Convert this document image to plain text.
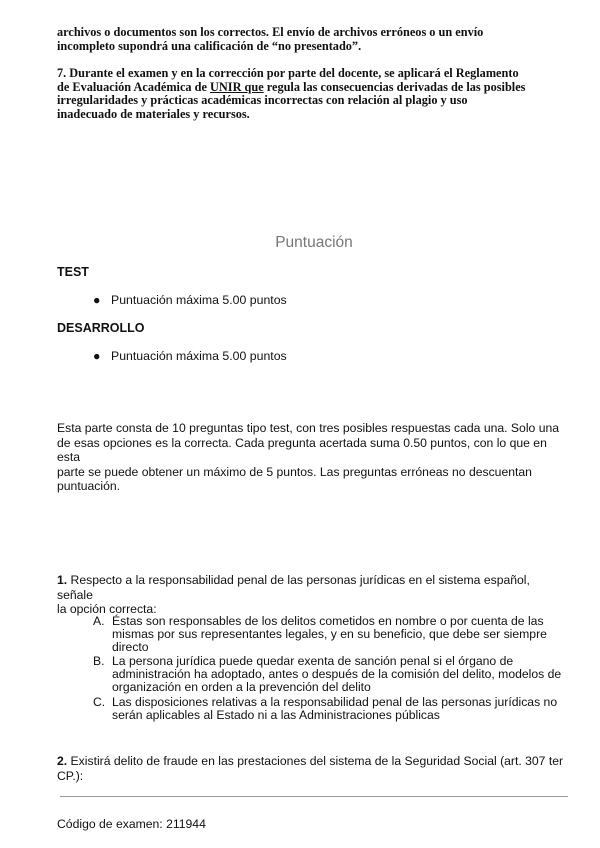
archivos o documentos son los correctos. El envío de archivos erróneos o un envío
incompleto supondrá una calificación de “no presentado”.

7. Durante el examen y en la corrección por parte del docente, se aplicará el Reglamento
de Evaluación Académica de UNIR que regula las consecuencias derivadas de las posibles
irregularidades y prácticas académicas incorrectas con relación al plagio y uso
inadecuado de materiales y recursos.

Puntuación
TEST
● Puntuación máxima 5.00 puntos
DESARROLLO
● Puntuación máxima 5.00 puntos
Esta parte consta de 10 preguntas tipo test, con tres posibles respuestas cada una. Solo una
de esas opciones es la correcta. Cada pregunta acertada suma 0.50 puntos, con lo que en esta
parte se puede obtener un máximo de 5 puntos. Las preguntas erróneas no descuentan
puntuación.
1. Respecto a la responsabilidad penal de las personas jurídicas en el sistema español, señale
la opción correcta:
A. Éstas son responsables de los delitos cometidos en nombre o por cuenta de las
mismas por sus representantes legales, y en su beneficio, que debe ser siempre
directo
B. La persona jurídica puede quedar exenta de sanción penal si el órgano de
administración ha adoptado, antes o después de la comisión del delito, modelos de
organización en orden a la prevención del delito
C. Las disposiciones relativas a la responsabilidad penal de las personas jurídicas no
serán aplicables al Estado ni a las Administraciones públicas
2. Existirá delito de fraude en las prestaciones del sistema de la Seguridad Social (art. 307 ter
CP.):
Código de examen: 211944
